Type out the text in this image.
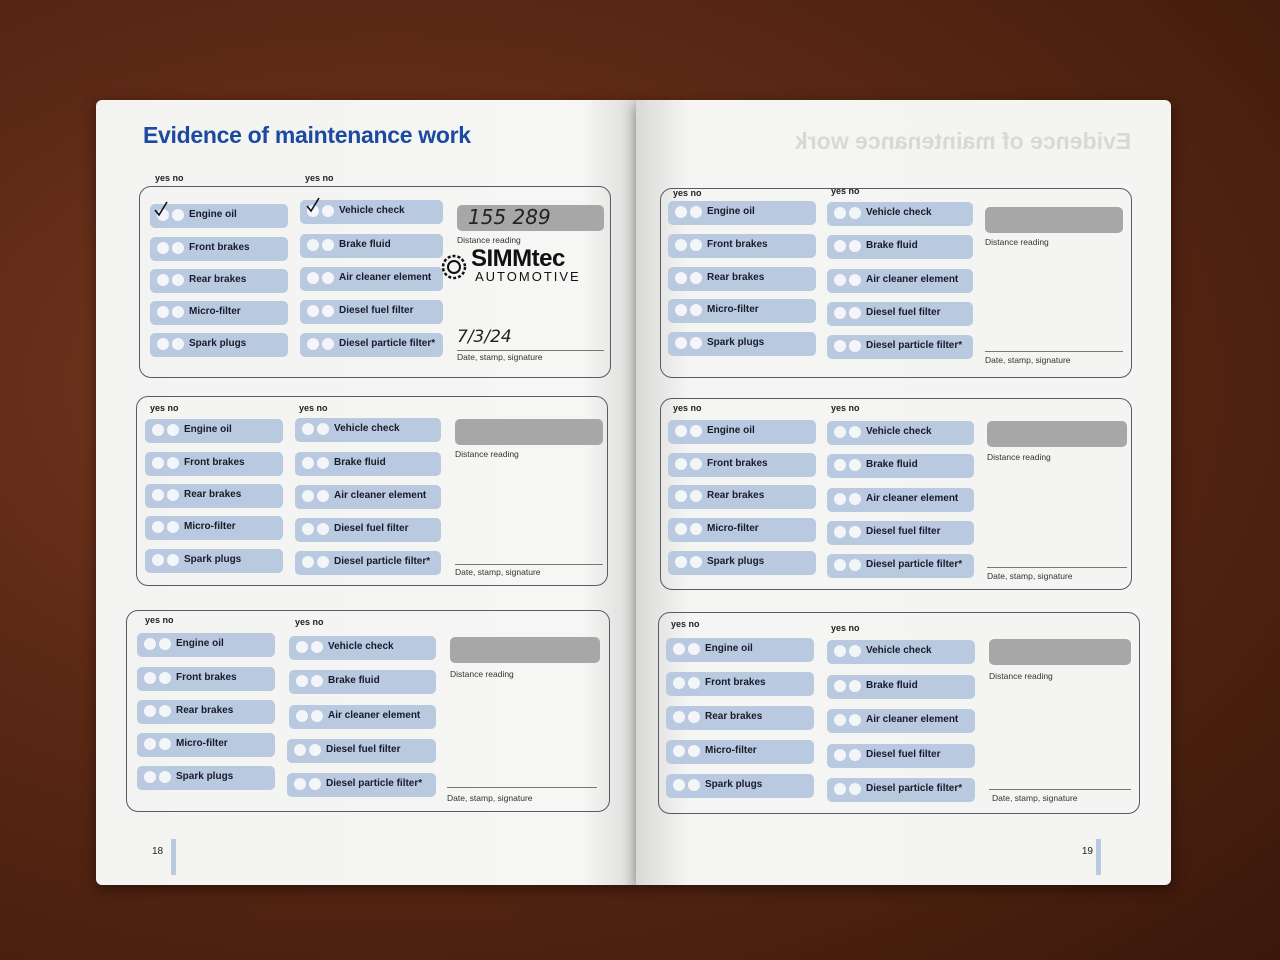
Evidence of maintenance work
yes no	yes no
Engine oil
Front brakes
Rear brakes
Micro-filter
Spark plugs
Vehicle check
Brake fluid
Air cleaner element
Diesel fuel filter
Diesel particle filter*
155 289
Distance reading
7/3/24
Date, stamp, signature
SIMMtec
AUTOMOTIVE
yes no	yes no
Engine oil
Front brakes
Rear brakes
Micro-filter
Spark plugs
Vehicle check
Brake fluid
Air cleaner element
Diesel fuel filter
Diesel particle filter*
Distance reading
Date, stamp, signature
yes no	yes no
Engine oil
Front brakes
Rear brakes
Micro-filter
Spark plugs
Vehicle check
Brake fluid
Air cleaner element
Diesel fuel filter
Diesel particle filter*
Distance reading
Date, stamp, signature
18
Evidence of maintenance work
yes no	yes no
Engine oil
Front brakes
Rear brakes
Micro-filter
Spark plugs
Vehicle check
Brake fluid
Air cleaner element
Diesel fuel filter
Diesel particle filter*
Distance reading
Date, stamp, signature
yes no	yes no
Engine oil
Front brakes
Rear brakes
Micro-filter
Spark plugs
Vehicle check
Brake fluid
Air cleaner element
Diesel fuel filter
Diesel particle filter*
Distance reading
Date, stamp, signature
yes no	yes no
Engine oil
Front brakes
Rear brakes
Micro-filter
Spark plugs
Vehicle check
Brake fluid
Air cleaner element
Diesel fuel filter
Diesel particle filter*
Distance reading
Date, stamp, signature
19
